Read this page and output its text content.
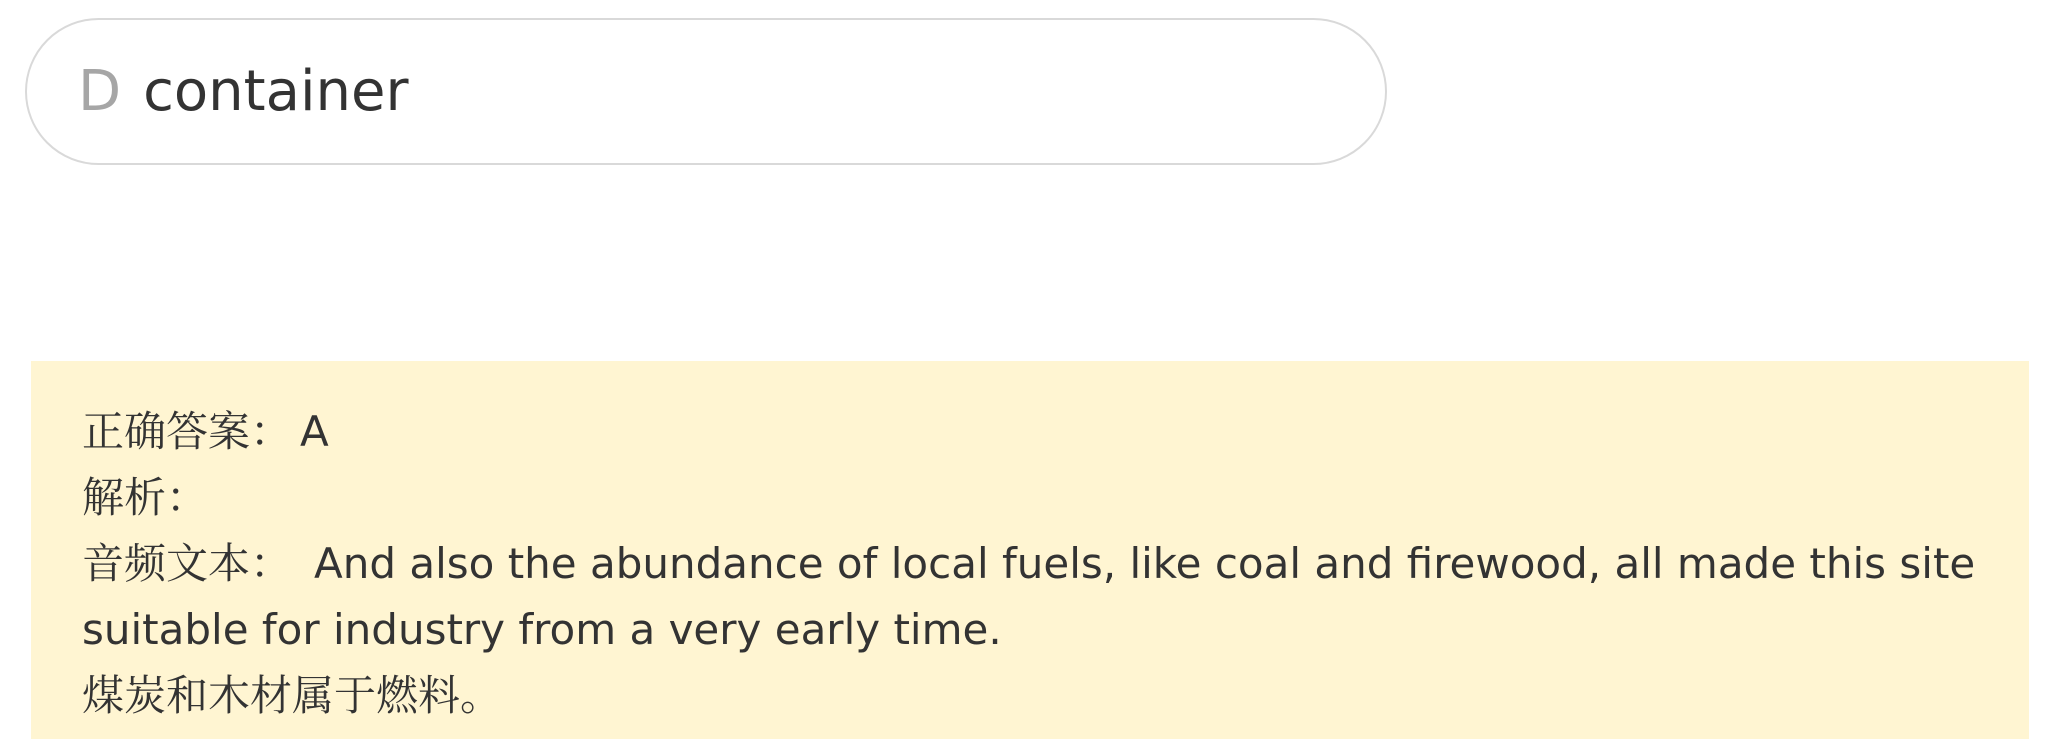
D container

正确答案： A

解析：

音频文本： And also the abundance of local fuels, like coal and firewood, all made this site suitable for industry from a very early time.

煤炭和木材属于燃料。
